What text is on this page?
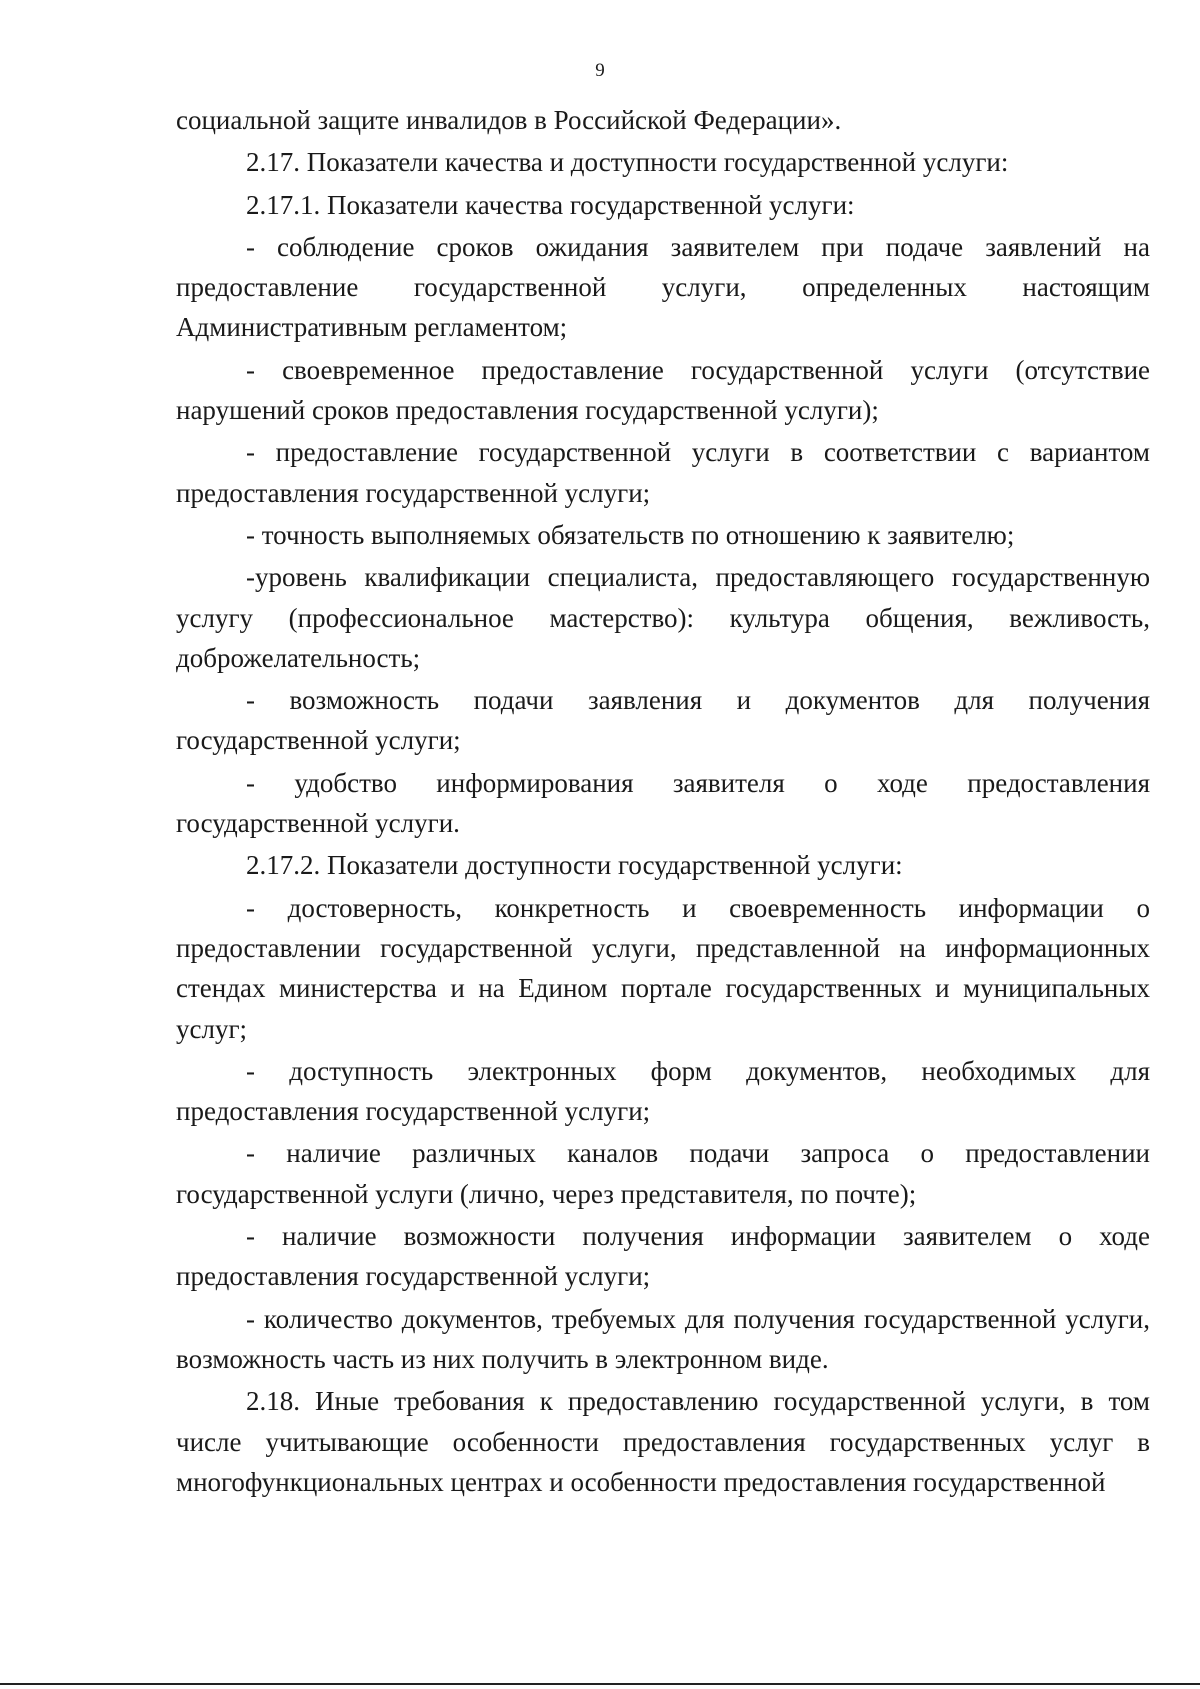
9

социальной защите инвалидов в Российской Федерации».

2.17. Показатели качества и доступности государственной услуги:

2.17.1. Показатели качества государственной услуги:

- соблюдение сроков ожидания заявителем при подаче заявлений на предоставление государственной услуги, определенных настоящим Административным регламентом;

- своевременное предоставление государственной услуги (отсутствие нарушений сроков предоставления государственной услуги);

- предоставление государственной услуги в соответствии с вариантом предоставления государственной услуги;

- точность выполняемых обязательств по отношению к заявителю;

-уровень квалификации специалиста, предоставляющего государственную услугу (профессиональное мастерство): культура общения, вежливость, доброжелательность;

- возможность подачи заявления и документов для получения государственной услуги;

- удобство информирования заявителя о ходе предоставления государственной услуги.

2.17.2. Показатели доступности государственной услуги:

- достоверность, конкретность и своевременность информации о предоставлении государственной услуги, представленной на информационных стендах министерства и на Едином портале государственных и муниципальных услуг;

- доступность электронных форм документов, необходимых для предоставления государственной услуги;

- наличие различных каналов подачи запроса о предоставлении государственной услуги (лично, через представителя, по почте);

- наличие возможности получения информации заявителем о ходе предоставления государственной услуги;

- количество документов, требуемых для получения государственной услуги, возможность часть из них получить в электронном виде.

2.18. Иные требования к предоставлению государственной услуги, в том числе учитывающие особенности предоставления государственных услуг в многофункциональных центрах и особенности предоставления государственной
